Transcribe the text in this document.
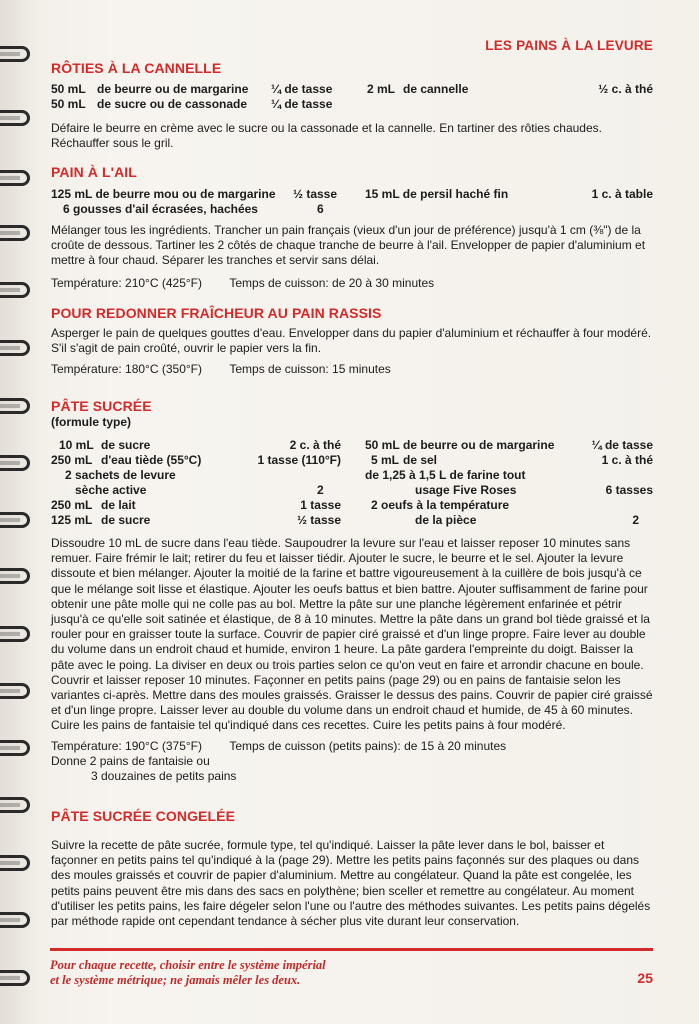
LES PAINS À LA LEVURE
RÔTIES À LA CANNELLE
50 mL de beurre ou de margarine ¼ de tasse	2 mL de cannelle	½ c. à thé
50 mL de sucre ou de cassonade ¼ de tasse

Défaire le beurre en crème avec le sucre ou la cassonade et la cannelle. En tartiner des rôties chaudes. Réchauffer sous le gril.

PAIN À L'AIL
125 mL de beurre mou ou de margarine ½ tasse 15 mL de persil haché fin	1 c. à table
6 gousses d'ail écrasées, hachées	6

Mélanger tous les ingrédients. Trancher un pain français (vieux d'un jour de préférence) jusqu'à 1 cm (⅜") de la croûte de dessous. Tartiner les 2 côtés de chaque tranche de beurre à l'ail. Envelopper de papier d'aluminium et mettre à four chaud. Séparer les tranches et servir sans délai.

Température: 210°C (425°F) Temps de cuisson: de 20 à 30 minutes
POUR REDONNER FRAÎCHEUR AU PAIN RASSIS

Asperger le pain de quelques gouttes d'eau. Envelopper dans du papier d'aluminium et réchauffer à four modéré. S'il s'agit de pain croûté, ouvrir le papier vers la fin.

Température: 180°C (350°F) Temps de cuisson: 15 minutes
PÂTE SUCRÉE
(formule type)
10 mL de sucre	2 c. à thé
250 mL d'eau tiède (55°C)	1 tasse (110°F)
2 sachets de levure
sèche active	2
250 mL de lait	1 tasse
125 mL de sucre	½ tasse
50 mL de beurre ou de margarine	¼ de tasse
5 mL de sel	1 c. à thé
de 1,25 à 1,5 L de farine tout
usage Five Roses	6 tasses
2 oeufs à la température
de la pièce	2

Dissoudre 10 mL de sucre dans l'eau tiède. Saupoudrer la levure sur l'eau et laisser reposer 10 minutes sans remuer. Faire frémir le lait; retirer du feu et laisser tiédir. Ajouter le sucre, le beurre et le sel. Ajouter la levure dissoute et bien mélanger. Ajouter la moitié de la farine et battre vigoureusement à la cuillère de bois jusqu'à ce que le mélange soit lisse et élastique. Ajouter les oeufs battus et bien battre. Ajouter suffisamment de farine pour obtenir une pâte molle qui ne colle pas au bol. Mettre la pâte sur une planche légèrement enfarinée et pétrir jusqu'à ce qu'elle soit satinée et élastique, de 8 à 10 minutes. Mettre la pâte dans un grand bol tiède graissé et la rouler pour en graisser toute la surface. Couvrir de papier ciré graissé et d'un linge propre. Faire lever au double du volume dans un endroit chaud et humide, environ 1 heure. La pâte gardera l'empreinte du doigt. Baisser la pâte avec le poing. La diviser en deux ou trois parties selon ce qu'on veut en faire et arrondir chacune en boule. Couvrir et laisser reposer 10 minutes. Façonner en petits pains (page 29) ou en pains de fantaisie selon les variantes ci-après. Mettre dans des moules graissés. Graisser le dessus des pains. Couvrir de papier ciré graissé et d'un linge propre. Laisser lever au double du volume dans un endroit chaud et humide, de 45 à 60 minutes. Cuire les pains de fantaisie tel qu'indiqué dans ces recettes. Cuire les petits pains à four modéré.

Température: 190°C (375°F) Temps de cuisson (petits pains): de 15 à 20 minutes
Donne 2 pains de fantaisie ou
3 douzaines de petits pains
PÂTE SUCRÉE CONGELÉE

Suivre la recette de pâte sucrée, formule type, tel qu'indiqué. Laisser la pâte lever dans le bol, baisser et façonner en petits pains tel qu'indiqué à la (page 29). Mettre les petits pains façonnés sur des plaques ou dans des moules graissés et couvrir de papier d'aluminium. Mettre au congélateur. Quand la pâte est congelée, les petits pains peuvent être mis dans des sacs en polythène; bien sceller et remettre au congélateur. Au moment d'utiliser les petits pains, les faire dégeler selon l'une ou l'autre des méthodes suivantes. Les petits pains dégelés par méthode rapide ont cependant tendance à sécher plus vite durant leur conservation.

Pour chaque recette, choisir entre le système impérial
et le système métrique; ne jamais mêler les deux.	25
